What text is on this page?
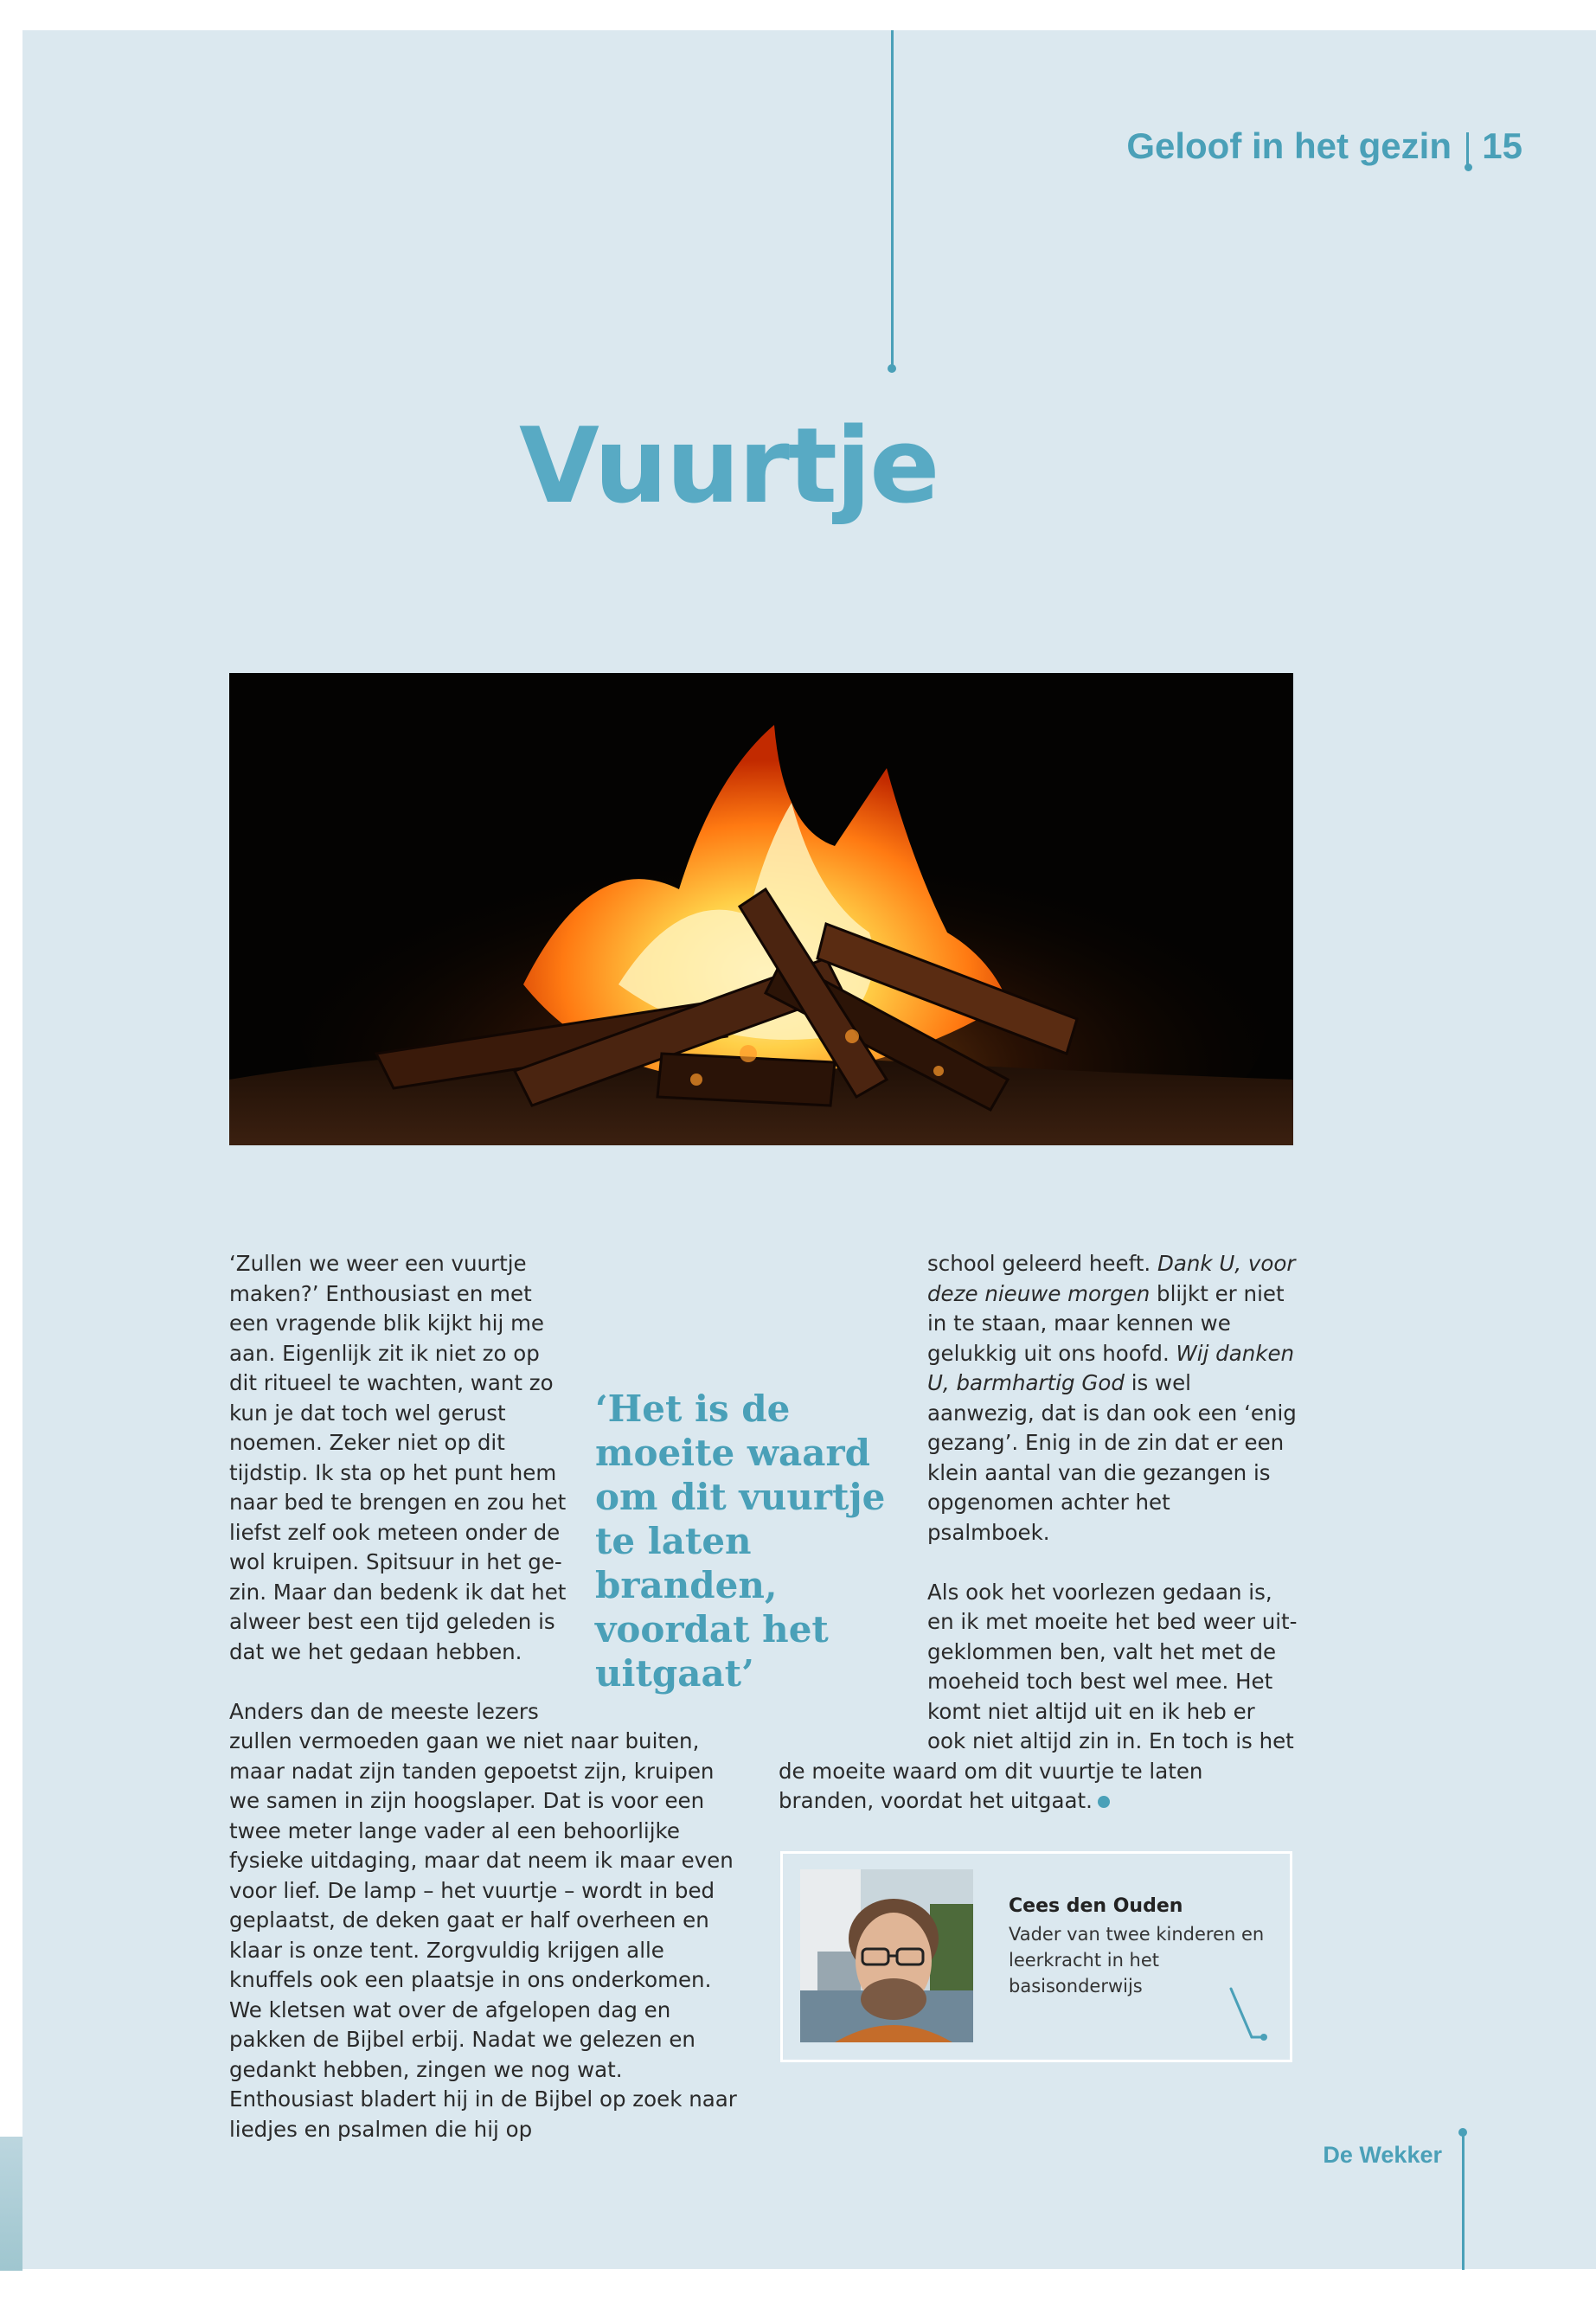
Geloof in het gezin 15
Vuurtje
‘Zullen we weer een vuurtje maken?’ Enthousiast en met een vragende blik kijkt hij me aan. Eigenlijk zit ik niet zo op dit ritueel te wachten, want zo kun je dat toch wel gerust noemen. Zeker niet op dit tijdstip. Ik sta op het punt hem naar bed te brengen en zou het liefst zelf ook meteen onder de wol kruipen. Spitsuur in het gezin. Maar dan bedenk ik dat het alweer best een tijd geleden is dat we het gedaan hebben.
Anders dan de meeste lezers zullen vermoeden gaan we niet naar buiten, maar nadat zijn tanden gepoetst zijn, kruipen we samen in zijn hoogslaper. Dat is voor een twee meter lange vader al een behoorlijke fysieke uitdaging, maar dat neem ik maar even voor lief. De lamp – het vuurtje – wordt in bed geplaatst, de deken gaat er half overheen en klaar is onze tent. Zorgvuldig krijgen alle knuffels ook een plaatsje in ons onderkomen. We kletsen wat over de afgelopen dag en pakken de Bijbel erbij. Nadat we gelezen en gedankt hebben, zingen we nog wat. Enthousiast bladert hij in de Bijbel op zoek naar liedjes en psalmen die hij op
school geleerd heeft. Dank U, voor deze nieuwe morgen blijkt er niet in te staan, maar kennen we gelukkig uit ons hoofd. Wij danken U, barmhartig God is wel aanwezig, dat is dan ook een ‘enig gezang’. Enig in de zin dat er een klein aantal van die gezangen is opgenomen achter het psalmboek.
Als ook het voorlezen gedaan is, en ik met moeite het bed weer uitgeklommen ben, valt het met de moeheid toch best wel mee. Het komt niet altijd uit en ik heb er ook niet altijd zin in. En toch is het de moeite waard om dit vuurtje te laten branden, voordat het uitgaat.

‘Het is de moeite waard om dit vuurtje te laten branden, voordat het uitgaat’

Cees den Ouden

Vader van twee kinderen en leerkracht in het basisonderwijs

De Wekker
